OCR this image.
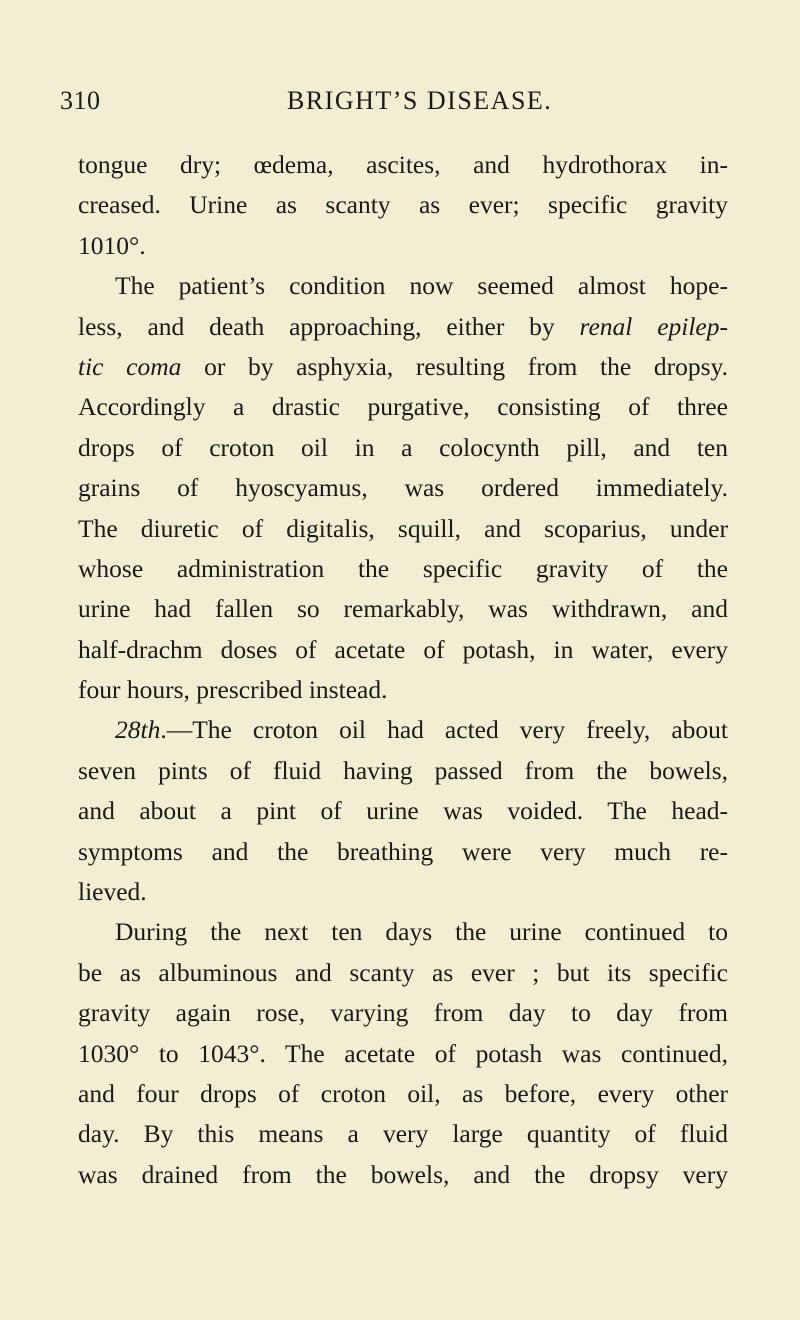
310	BRIGHT’S DISEASE.
tongue dry; œdema, ascites, and hydrothorax in-
creased. Urine as scanty as ever; specific gravity
1010°.
The patient’s condition now seemed almost hope-
less, and death approaching, either by renal epilep-
tic coma or by asphyxia, resulting from the dropsy.
Accordingly a drastic purgative, consisting of three
drops of croton oil in a colocynth pill, and ten
grains of hyoscyamus, was ordered immediately.
The diuretic of digitalis, squill, and scoparius, under
whose administration the specific gravity of the
urine had fallen so remarkably, was withdrawn, and
half-drachm doses of acetate of potash, in water, every
four hours, prescribed instead.
28th.—The croton oil had acted very freely, about
seven pints of fluid having passed from the bowels,
and about a pint of urine was voided. The head-
symptoms and the breathing were very much re-
lieved.
During the next ten days the urine continued to
be as albuminous and scanty as ever ; but its specific
gravity again rose, varying from day to day from
1030° to 1043°. The acetate of potash was continued,
and four drops of croton oil, as before, every other
day. By this means a very large quantity of fluid
was drained from the bowels, and the dropsy very
